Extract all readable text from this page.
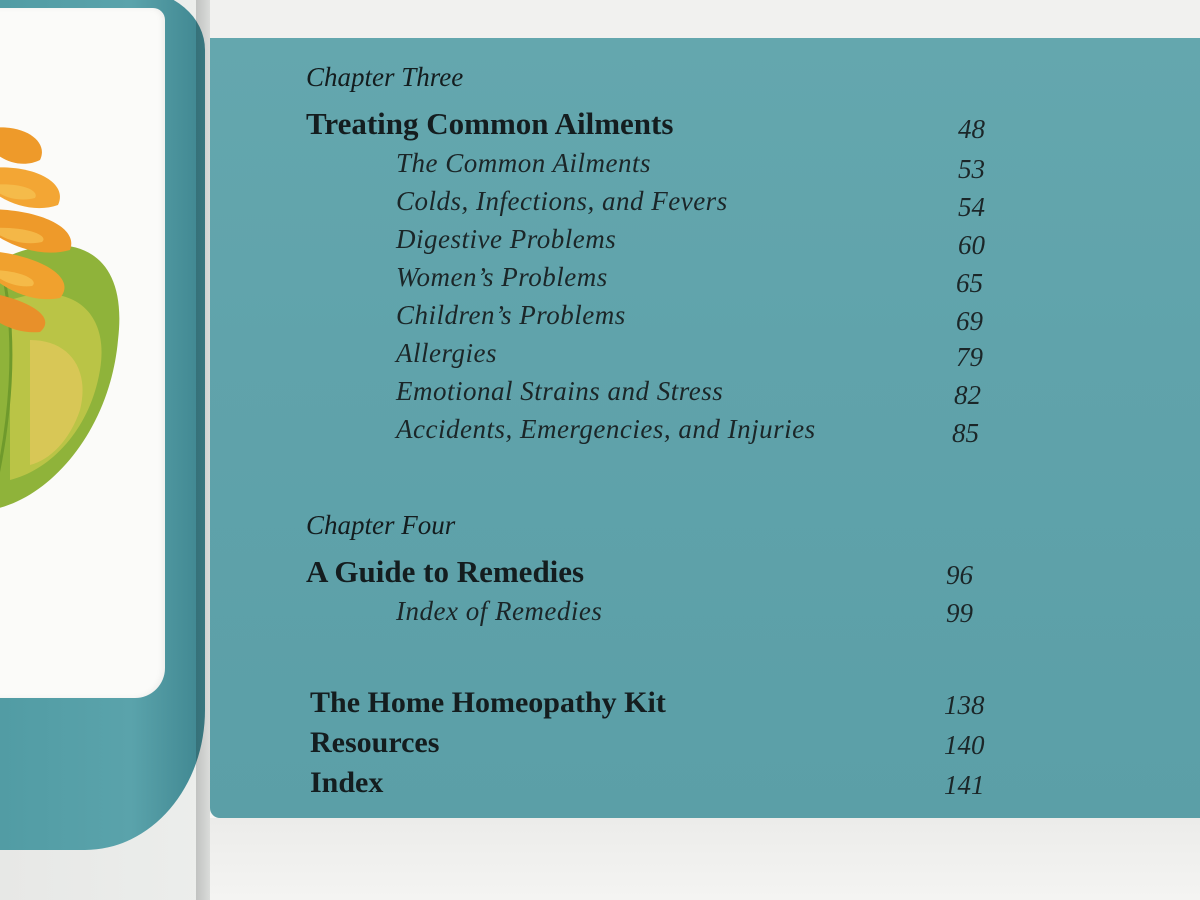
Chapter Three
Treating Common Ailments	48
The Common Ailments	53
Colds, Infections, and Fevers	54
Digestive Problems	60
Women’s Problems	65
Children’s Problems	69
Allergies	79
Emotional Strains and Stress	82
Accidents, Emergencies, and Injuries	85
Chapter Four
A Guide to Remedies	96
Index of Remedies	99
The Home Homeopathy Kit	138
Resources	140
Index	141
